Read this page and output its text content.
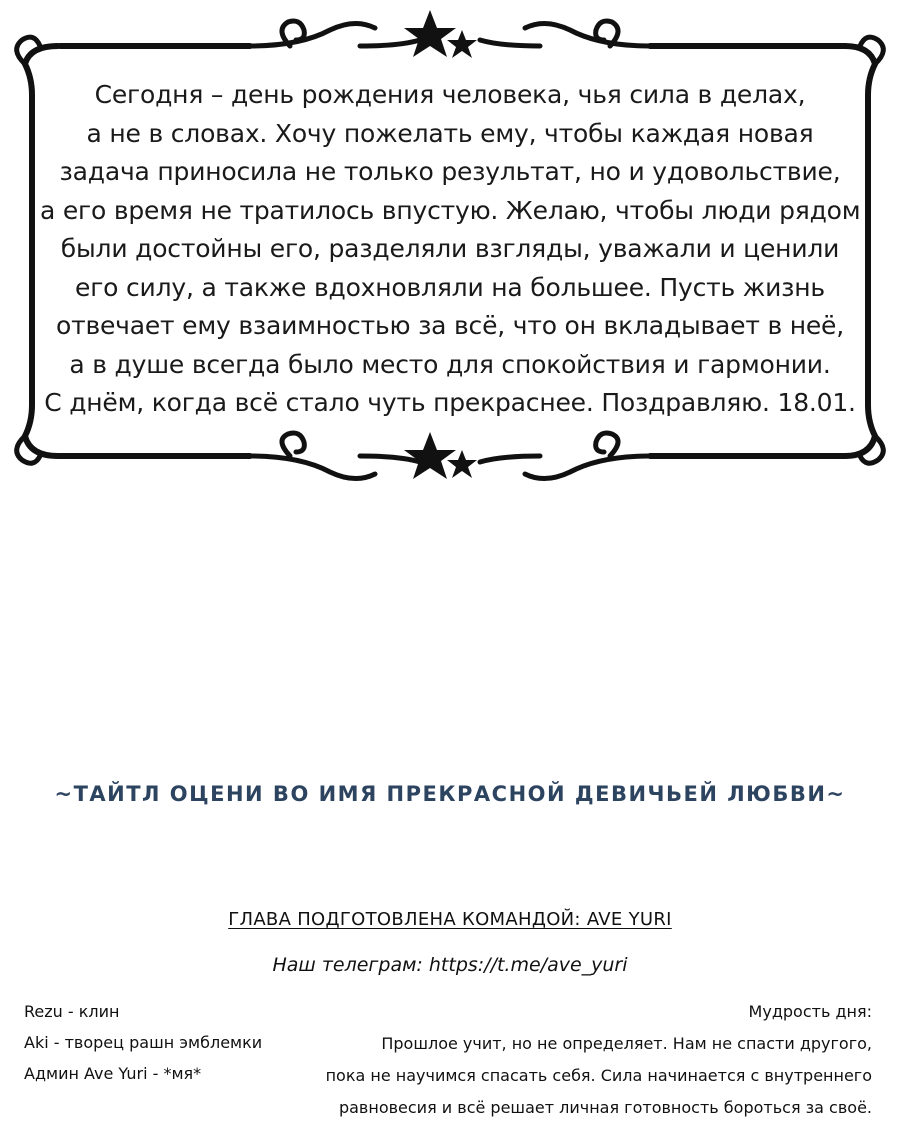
Сегодня – день рождения человека, чья сила в делах,
а не в словах. Хочу пожелать ему, чтобы каждая новая
задача приносила не только результат, но и удовольствие,
а его время не тратилось впустую. Желаю, чтобы люди рядом
были достойны его, разделяли взгляды, уважали и ценили
его силу, а также вдохновляли на большее. Пусть жизнь
отвечает ему взаимностью за всё, что он вкладывает в неё,
а в душе всегда было место для спокойствия и гармонии.
С днём, когда всё стало чуть прекраснее. Поздравляю. 18.01.
~ТАЙТЛ ОЦЕНИ ВО ИМЯ ПРЕКРАСНОЙ ДЕВИЧЬЕЙ ЛЮБВИ~
ГЛАВА ПОДГОТОВЛЕНА КОМАНДОЙ: AVE YURI
Наш телеграм: https://t.me/ave_yuri
Rezu - клин
Aki - творец рашн эмблемки
Админ Ave Yuri - *мя*
Мудрость дня:
Прошлое учит, но не определяет. Нам не спасти другого,
пока не научимся спасать себя. Сила начинается с внутреннего
равновесия и всё решает личная готовность бороться за своё.
